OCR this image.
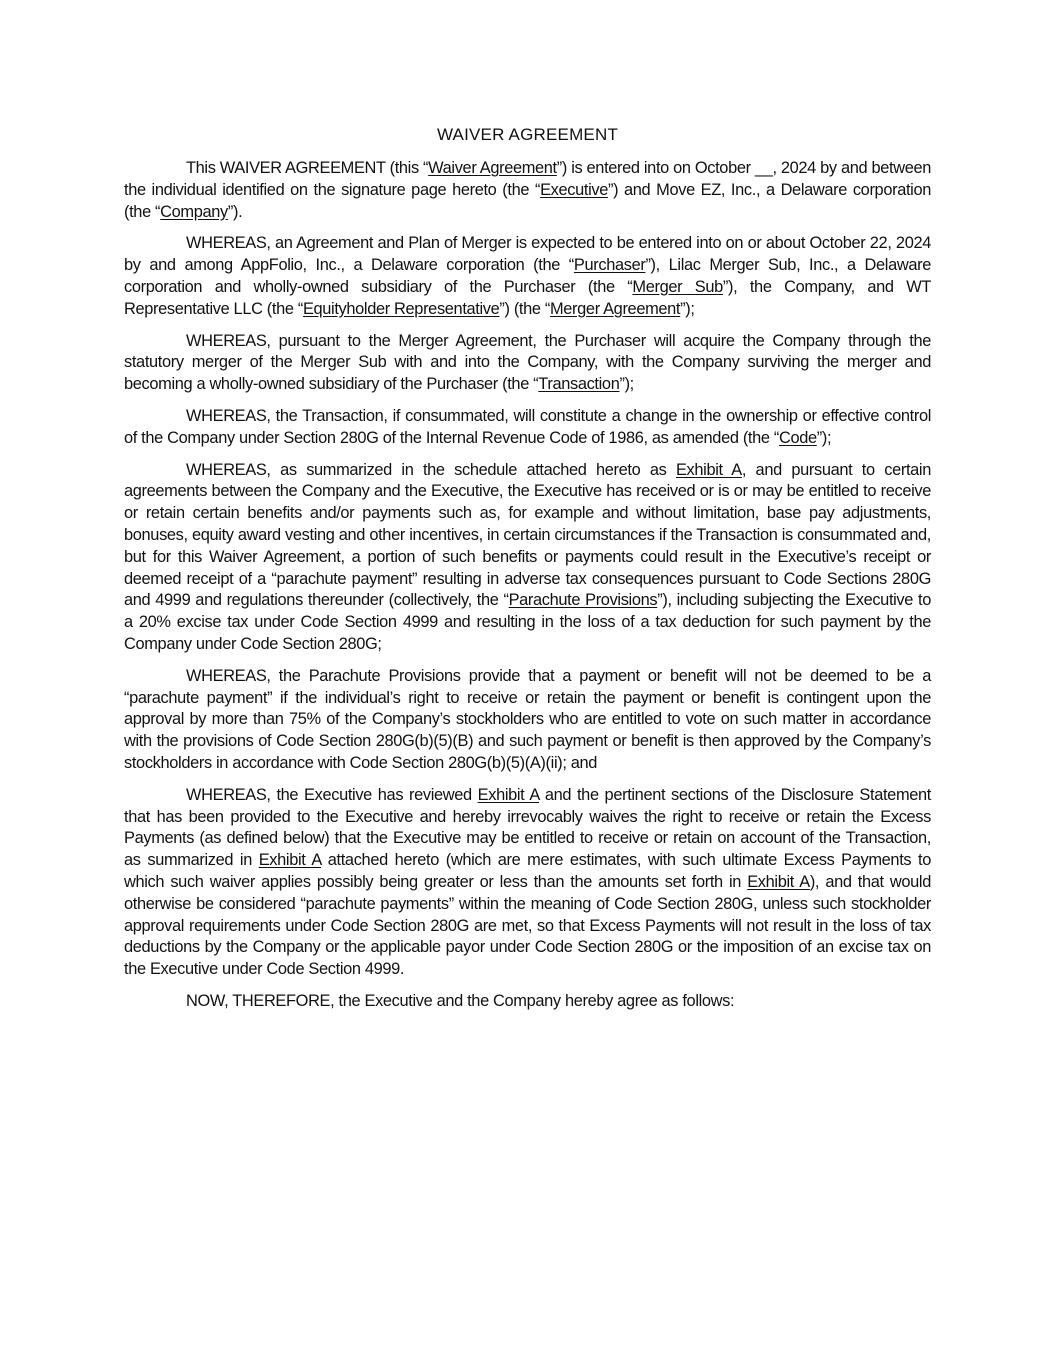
WAIVER AGREEMENT

This WAIVER AGREEMENT (this “Waiver Agreement”) is entered into on October __, 2024 by and between the individual identified on the signature page hereto (the “Executive”) and Move EZ, Inc., a Delaware corporation (the “Company”).

WHEREAS, an Agreement and Plan of Merger is expected to be entered into on or about October 22, 2024 by and among AppFolio, Inc., a Delaware corporation (the “Purchaser”), Lilac Merger Sub, Inc., a Delaware corporation and wholly-owned subsidiary of the Purchaser (the “Merger Sub”), the Company, and WT Representative LLC (the “Equityholder Representative”) (the “Merger Agreement”);

WHEREAS, pursuant to the Merger Agreement, the Purchaser will acquire the Company through the statutory merger of the Merger Sub with and into the Company, with the Company surviving the merger and becoming a wholly-owned subsidiary of the Purchaser (the “Transaction”);

WHEREAS, the Transaction, if consummated, will constitute a change in the ownership or effective control of the Company under Section 280G of the Internal Revenue Code of 1986, as amended (the “Code”);

WHEREAS, as summarized in the schedule attached hereto as Exhibit A, and pursuant to certain agreements between the Company and the Executive, the Executive has received or is or may be entitled to receive or retain certain benefits and/or payments such as, for example and without limitation, base pay adjustments, bonuses, equity award vesting and other incentives, in certain circumstances if the Transaction is consummated and, but for this Waiver Agreement, a portion of such benefits or payments could result in the Executive’s receipt or deemed receipt of a “parachute payment” resulting in adverse tax consequences pursuant to Code Sections 280G and 4999 and regulations thereunder (collectively, the “Parachute Provisions”), including subjecting the Executive to a 20% excise tax under Code Section 4999 and resulting in the loss of a tax deduction for such payment by the Company under Code Section 280G;

WHEREAS, the Parachute Provisions provide that a payment or benefit will not be deemed to be a “parachute payment” if the individual’s right to receive or retain the payment or benefit is contingent upon the approval by more than 75% of the Company’s stockholders who are entitled to vote on such matter in accordance with the provisions of Code Section 280G(b)(5)(B) and such payment or benefit is then approved by the Company’s stockholders in accordance with Code Section 280G(b)(5)(A)(ii); and

WHEREAS, the Executive has reviewed Exhibit A and the pertinent sections of the Disclosure Statement that has been provided to the Executive and hereby irrevocably waives the right to receive or retain the Excess Payments (as defined below) that the Executive may be entitled to receive or retain on account of the Transaction, as summarized in Exhibit A attached hereto (which are mere estimates, with such ultimate Excess Payments to which such waiver applies possibly being greater or less than the amounts set forth in Exhibit A), and that would otherwise be considered “parachute payments” within the meaning of Code Section 280G, unless such stockholder approval requirements under Code Section 280G are met, so that Excess Payments will not result in the loss of tax deductions by the Company or the applicable payor under Code Section 280G or the imposition of an excise tax on the Executive under Code Section 4999.

NOW, THEREFORE, the Executive and the Company hereby agree as follows:
